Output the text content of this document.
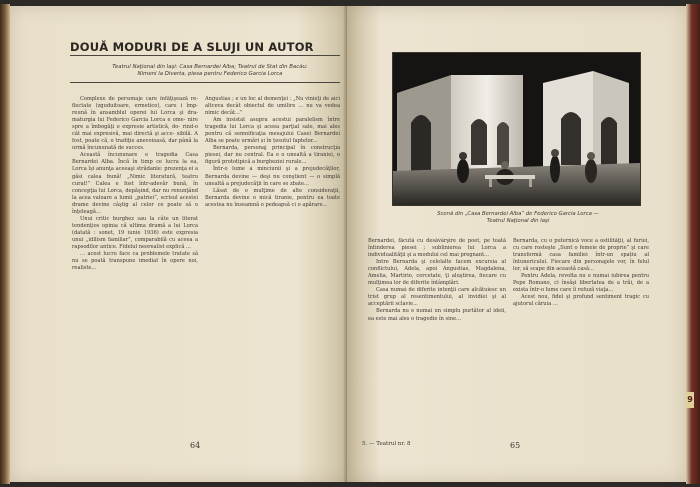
DOUĂ MODURI DE A SLUJI UN AUTOR
Teatrul Naţional din Iaşi: Casa Bernardei Alba; Teatrul de Stat din Bacău:
Nimeni la Diverta, piesa pentru Federico Garcia Lorca

Complexe de personaje care înfăţişează re- flectate (zguduitoare, ermetice), care i împ- reună în ansamblul operei lui Lorca şi dra- maturgia lui Federico Garcia Lorca e ome- nire spre a îmbogăţi o expresie artistică, do- rind-o cât mai expresivă, mai directă şi acce- sibilă. A fost, poate că, o tradiţie anevoioasă, dar până la urmă încununată de succes.

Această încununare e tragedia Casa Bernardei Alba. Încă în timp ce lucra la ea, Lorca își anunţa aceeaşi strădanie: prezenţa ei a găsi calea bună! „Nimic literatură, teatru curat!” Calea e fost într-adevăr bună, în concepţia lui Lorca, depăşind, dar nu renunţând la acea valoare a lumii „patriei”, scrisul acestei drame devine câştig al celor ce poate să o înţeleagă...

Unui critic burghez sau la câte un literat tendenţios opinia că ultima dramă a lui Lorca (datată : sonet, 19 iunie 1936) este expresia unui „idilism familiar”, comparabilă cu aceea a rapsodilor antice. Fidelul neorealist explică ...

… acest lucru face ca problemele tratate să nu se poată transpune imediat în opere noi, realiste...

Angustias ; e un loc al demenţei : „Nu vinieţi de aici altceva decât obiectul de umilire ... nu va vedea nimic decât...”

Am insistat asupra acestui paralelism între tragedia lui Lorca şi aceea parţial sale, mai ales pentru că semnificaţia mesajului Casei Bernardei Alba se poate urmări și în țesutul faptelor...

Bernarda, personaj principal în construcţia piesei, dar nu central. Ea e o unealtă a tiraniei, o figură prototipică a burgheziei rurale...

Într-o lume a minciunii şi a prejudecăţilor, Bernarda devine — deşi nu conştient — o simplă unealtă a prejudecăţii în care se zbate...

Lăsat de o mulţime de alte consideraţii, Bernarda devine o mică tiranie, pentru ea toate acestea nu înseamnă o pedeapsă ci o apărare...

64
Scenă din „Casa Bernardei Alba” de Federico Garcia Lorca —
Teatrul Naţional din Iaşi

Bernardei, făcută cu desăvârşire de poet, pe toată întinderea piesei ; sublinierea lui Lorca a individualităţii şi a modului cel mai pregnant...

Intre Bernarda şi celelalte facem excursia al conflictului, Adela, apoi Angustias, Magdalena, Amelia, Martirio, cercetate, ţi aluştirea, fiecare cu mulţimea lor de diferite întâmplări.

Casa numai de diferite intenţii care alcătuiesc un trist grup al resentimentului, al invidiei şi al acceptării sclavie...

Bernarda nu e numai un simplu purtător al ideii, ea este mai ales o tragedie în sine...

Bernarda, cu o puternică voce a ostilităţii, al furiei, cu care rosteşte „Sunt o femeie de proprie” şi care transformă casa familiei într-un spațiu al întunericului. Fiecare din personajele vor, în felul lor, să scape din această casă...

Pentru Adela, revolta nu e numai iubirea pentru Pepe Romano, ci însăşi libertatea de a trăi, de a exista într-o lume care îi refuză viaţa...

Acest nou, fidel şi profund sentiment tragic cu ajutorul căruia ...

5. — Teatrul nr. 8	65
9
